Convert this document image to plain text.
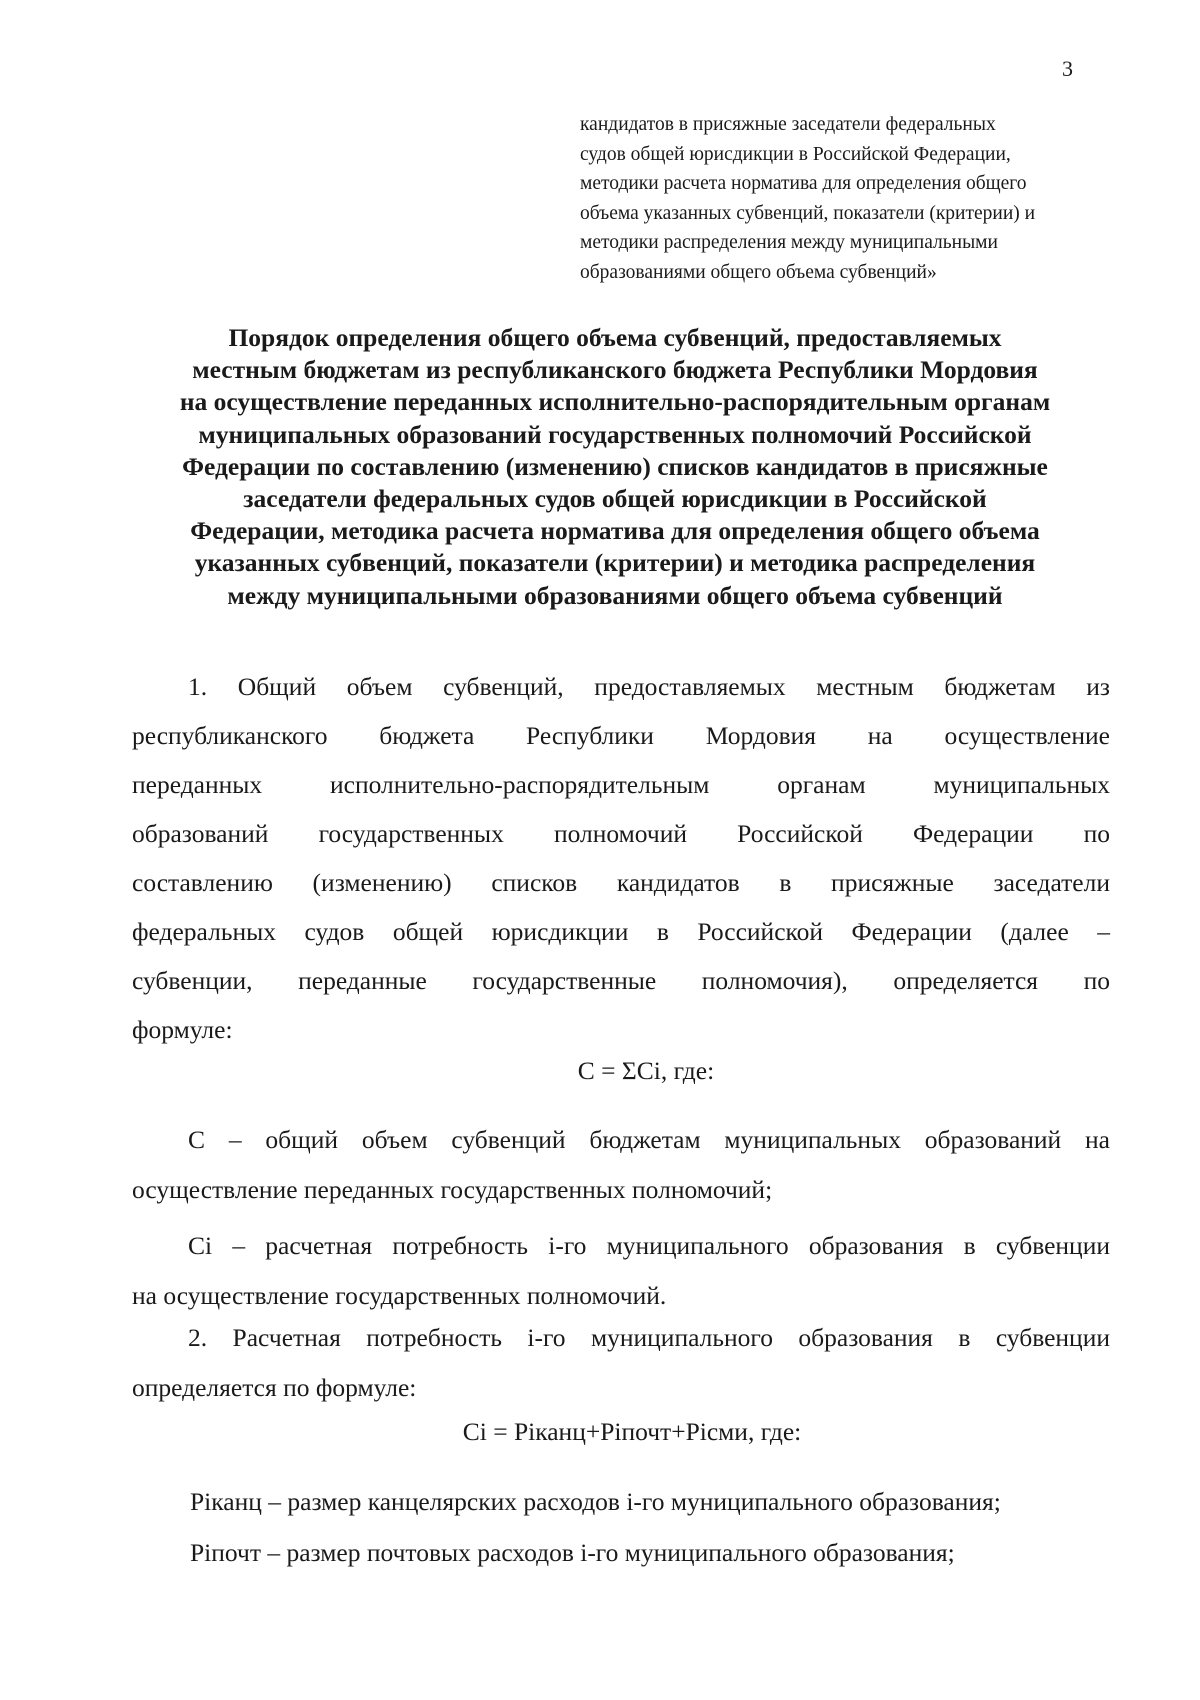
3
кандидатов в присяжные заседатели федеральных
судов общей юрисдикции в Российской Федерации,
методики расчета норматива для определения общего
объема указанных субвенций, показатели (критерии) и
методики распределения между муниципальными
образованиями общего объема субвенций»
Порядок определения общего объема субвенций, предоставляемых
местным бюджетам из республиканского бюджета Республики Мордовия
на осуществление переданных исполнительно-распорядительным органам
муниципальных образований государственных полномочий Российской
Федерации по составлению (изменению) списков кандидатов в присяжные
заседатели федеральных судов общей юрисдикции в Российской
Федерации, методика расчета норматива для определения общего объема
указанных субвенций, показатели (критерии) и методика распределения
между муниципальными образованиями общего объема субвенций
1. Общий объем субвенций, предоставляемых местным бюджетам из
республиканского бюджета Республики Мордовия на осуществление
переданных исполнительно-распорядительным органам муниципальных
образований государственных полномочий Российской Федерации по
составлению (изменению) списков кандидатов в присяжные заседатели
федеральных судов общей юрисдикции в Российской Федерации (далее –
субвенции, переданные государственные полномочия), определяется по
формуле:
С = ΣСi, где:
С – общий объем субвенций бюджетам муниципальных образований на
осуществление переданных государственных полномочий;
Сi – расчетная потребность i-го муниципального образования в субвенции
на осуществление государственных полномочий.
2. Расчетная потребность i-го муниципального образования в субвенции
определяется по формуле:
Сi = Рiканц+Рiпочт+Рiсми, где:
Рiканц – размер канцелярских расходов i-го муниципального образования;
Рiпочт – размер почтовых расходов i-го муниципального образования;
